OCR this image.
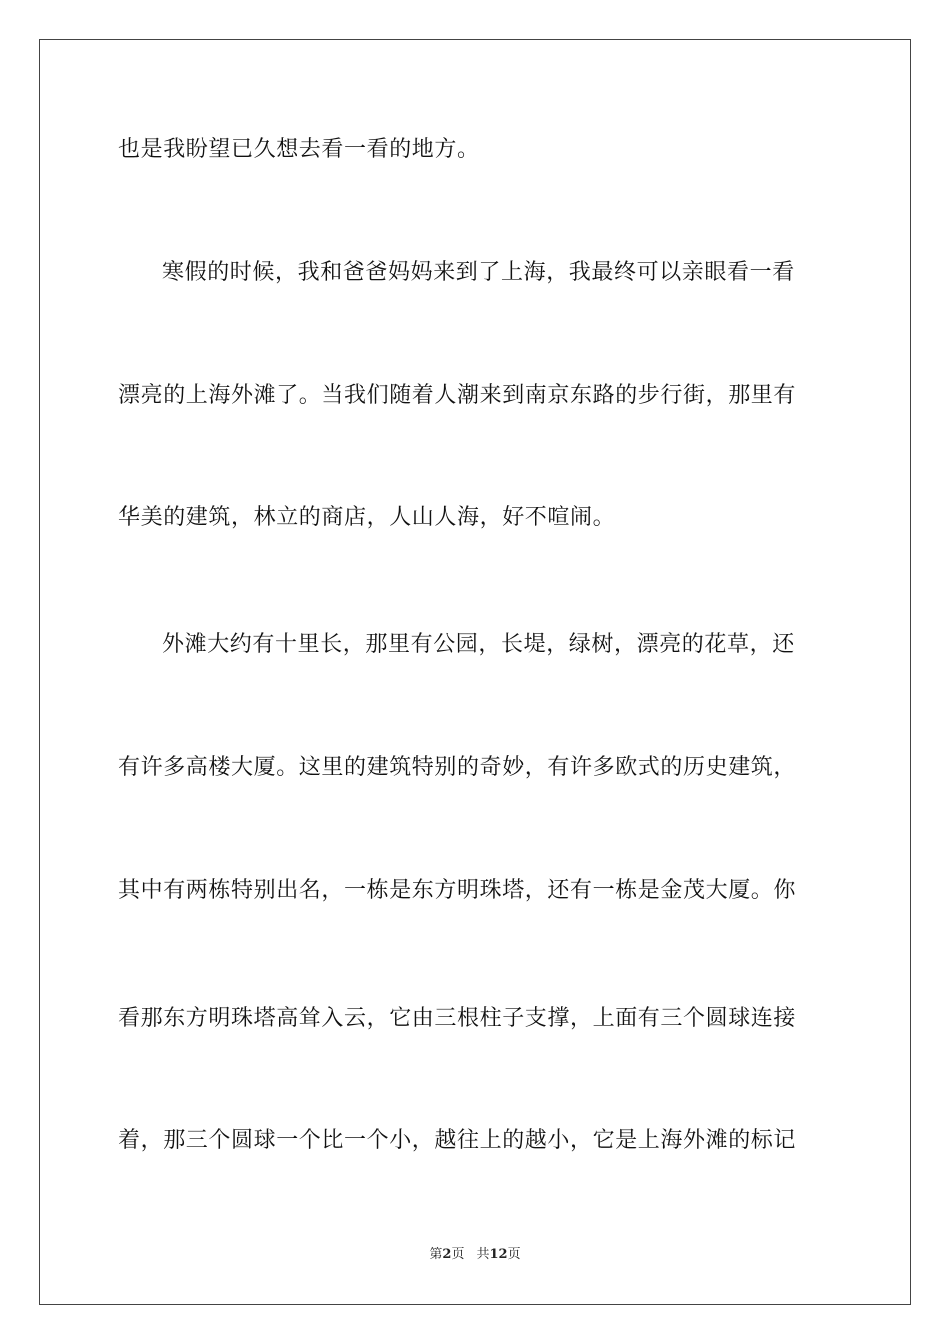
也是我盼望已久想去看一看的地方。
寒假的时候，我和爸爸妈妈来到了上海，我最终可以亲眼看一看
漂亮的上海外滩了。当我们随着人潮来到南京东路的步行街，那里有
华美的建筑，林立的商店，人山人海，好不喧闹。
外滩大约有十里长，那里有公园，长堤，绿树，漂亮的花草，还
有许多高楼大厦。这里的建筑特别的奇妙，有许多欧式的历史建筑，
其中有两栋特别出名，一栋是东方明珠塔，还有一栋是金茂大厦。你
看那东方明珠塔高耸入云，它由三根柱子支撑，上面有三个圆球连接
着，那三个圆球一个比一个小，越往上的越小，它是上海外滩的标记
第2页 共12页
